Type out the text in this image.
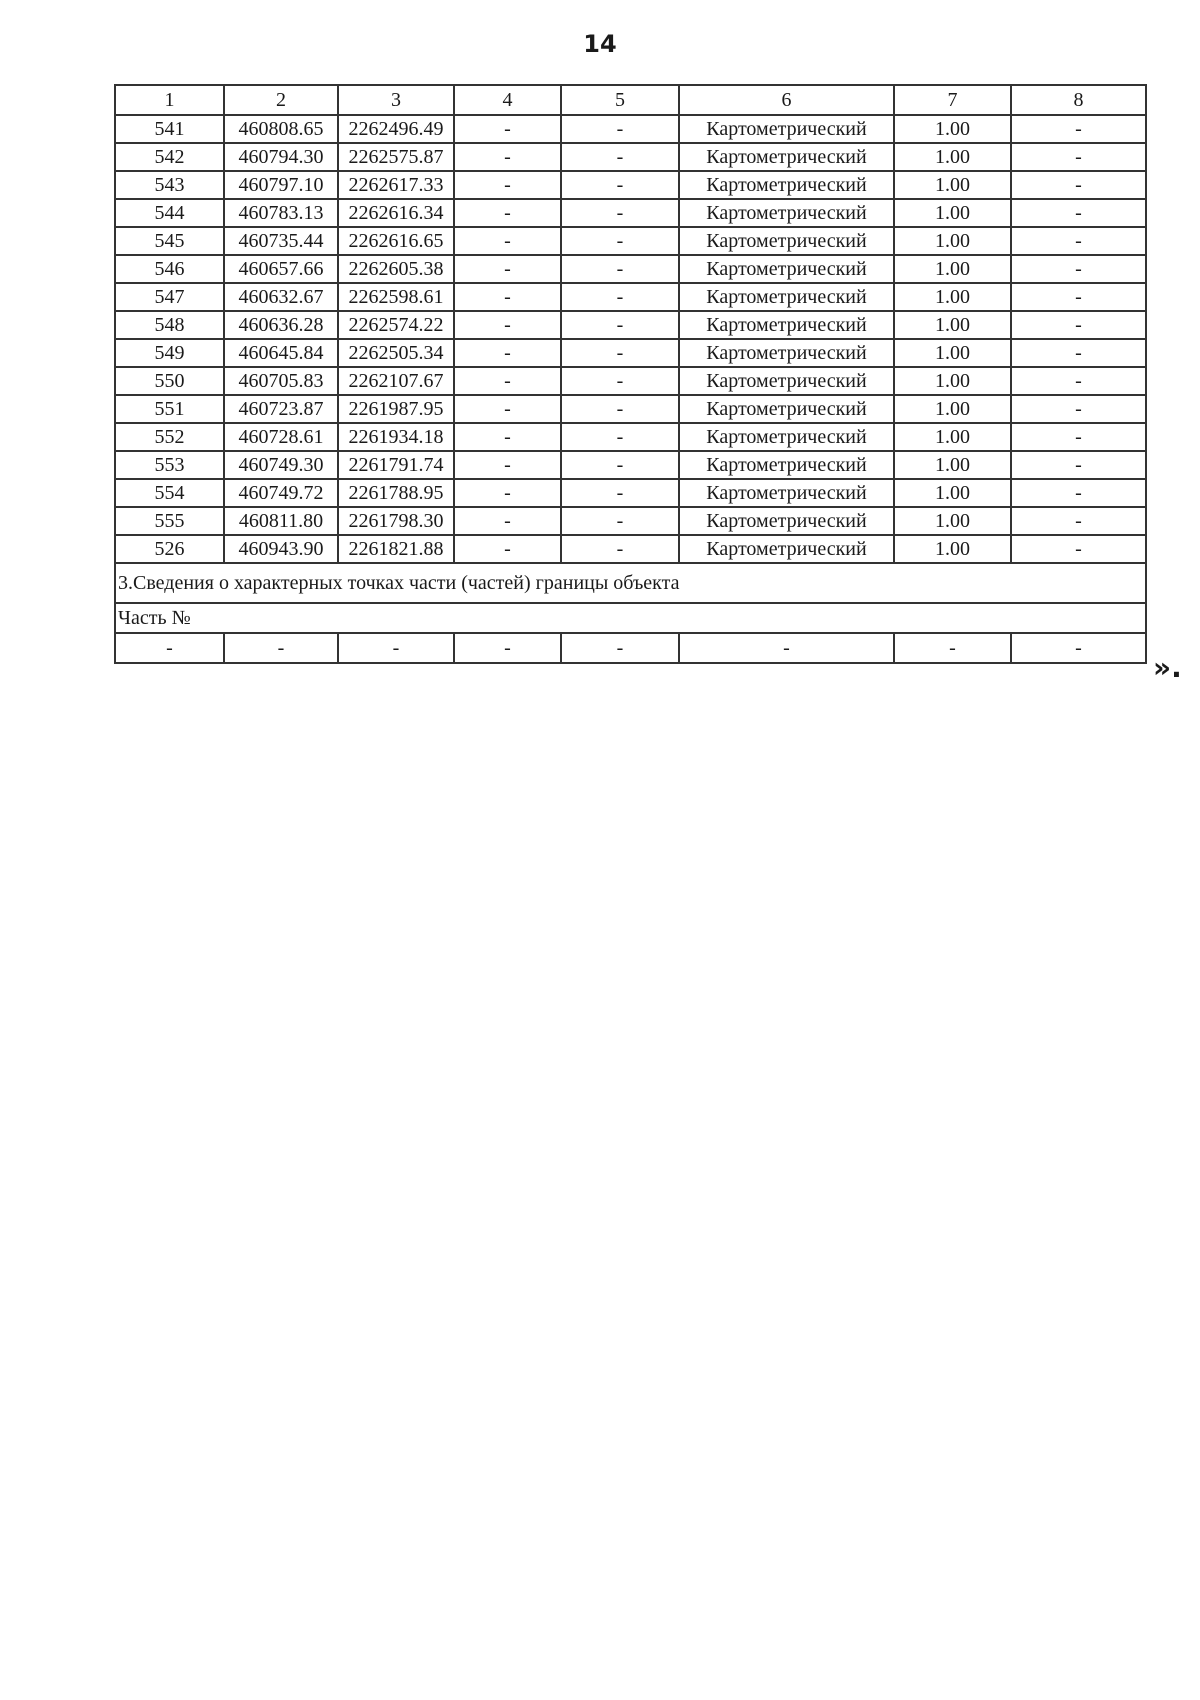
14
1	2	3	4	5	6	7	8
541	460808.65	2262496.49	-	-	Картометрический	1.00	-
542	460794.30	2262575.87	-	-	Картометрический	1.00	-
543	460797.10	2262617.33	-	-	Картометрический	1.00	-
544	460783.13	2262616.34	-	-	Картометрический	1.00	-
545	460735.44	2262616.65	-	-	Картометрический	1.00	-
546	460657.66	2262605.38	-	-	Картометрический	1.00	-
547	460632.67	2262598.61	-	-	Картометрический	1.00	-
548	460636.28	2262574.22	-	-	Картометрический	1.00	-
549	460645.84	2262505.34	-	-	Картометрический	1.00	-
550	460705.83	2262107.67	-	-	Картометрический	1.00	-
551	460723.87	2261987.95	-	-	Картометрический	1.00	-
552	460728.61	2261934.18	-	-	Картометрический	1.00	-
553	460749.30	2261791.74	-	-	Картометрический	1.00	-
554	460749.72	2261788.95	-	-	Картометрический	1.00	-
555	460811.80	2261798.30	-	-	Картометрический	1.00	-
526	460943.90	2261821.88	-	-	Картометрический	1.00	-
3.Сведения о характерных точках части (частей) границы объекта							
Часть №							
-	-	-	-	-	-	-	-
».
